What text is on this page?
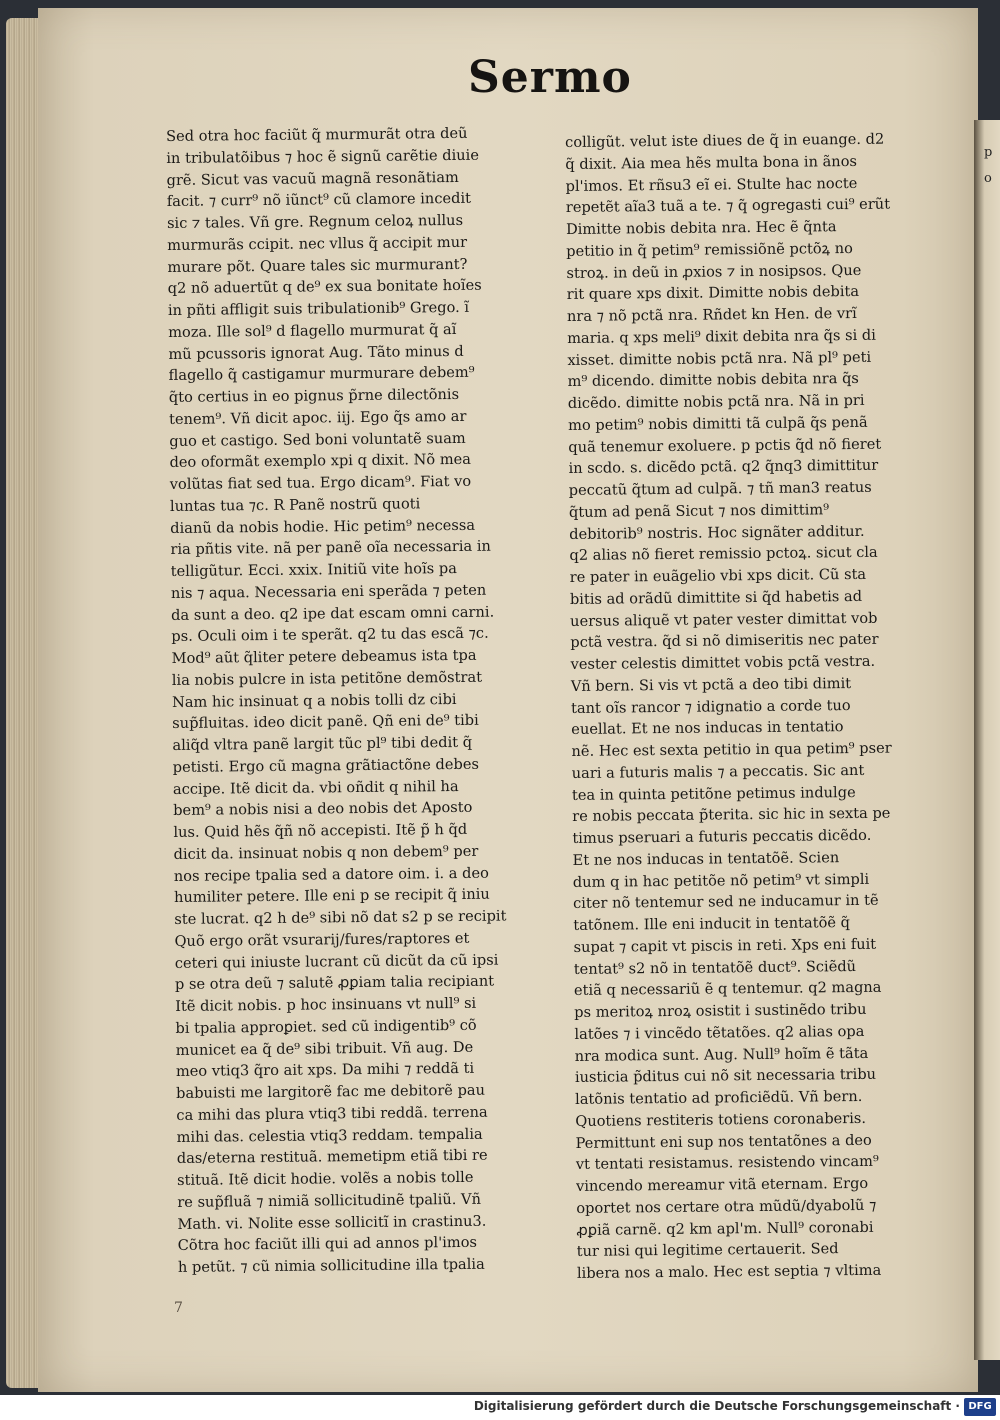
Sermo
p o
Sed otra hoc faciũt q̃ murmurãt otra deũ
in tribulatõibus ⁊ hoc ẽ signũ carẽtie diuie
grẽ. Sicut vas vacuũ magnã resonãtiam
facit. ⁊ curr⁹ nõ iũnct⁹ cũ clamore incedit
sic ⁊ tales. Vñ gre. Regnum celoꝝ nullus
murmurãs ccipit. nec vllus q̃ accipit mur
murare põt. Quare tales sic murmurant?
q2 nõ aduertũt q de⁹ ex sua bonitate hoĩes
in pñti affligit suis tribulationib⁹ Grego. ĩ
moza. Ille sol⁹ d flagello murmurat q̃ aĩ
mũ pcussoris ignorat Aug. Tãto minus d
flagello q̃ castigamur murmurare debem⁹
q̃to certius in eo pignus p̃rne dilectõnis
tenem⁹. Vñ dicit apoc. iij. Ego q̃s amo ar
guo et castigo. Sed boni voluntatẽ suam
deo oformãt exemplo xpi q dixit. Nõ mea
volũtas fiat sed tua. Ergo dicam⁹. Fiat vo
luntas tua ⁊c. R Panẽ nostrũ quoti
dianũ da nobis hodie. Hic petim⁹ necessa
ria pñtis vite. nã per panẽ oĩa necessaria in
telligũtur. Ecci. xxix. Initiũ vite hoĩs pa
nis ⁊ aqua. Necessaria eni sperãda ⁊ peten
da sunt a deo. q2 ipe dat escam omni carni.
ps. Oculi oim i te sperãt. q2 tu das escã ⁊c.
Mod⁹ aũt q̃liter petere debeamus ista tpa
lia nobis pulcre in ista petitõne demõstrat
Nam hic insinuat q a nobis tolli dz cibi
sup̃fluitas. ideo dicit panẽ. Qñ eni de⁹ tibi
aliq̃d vltra panẽ largit tũc pl⁹ tibi dedit q̃
petisti. Ergo cũ magna grãtiactõne debes
accipe. Itẽ dicit da. vbi oñdit q nihil ha
bem⁹ a nobis nisi a deo nobis det Aposto
lus. Quid hẽs q̃ñ nõ accepisti. Itẽ p̃ h q̃d
dicit da. insinuat nobis q non debem⁹ per
nos recipe tpalia sed a datore oim. i. a deo
humiliter petere. Ille eni p se recipit q̃ iniu
ste lucrat. q2 h de⁹ sibi nõ dat s2 p se recipit
Quõ ergo orãt vsurarij/fures/raptores et
ceteri qui iniuste lucrant cũ dicũt da cũ ipsi
p se otra deũ ⁊ salutẽ ꝓꝑiam talia recipiant
Itẽ dicit nobis. p hoc insinuans vt null⁹ si
bi tpalia approꝑiet. sed cũ indigentib⁹ cõ
municet ea q̃ de⁹ sibi tribuit. Vñ aug. De
meo vtiq3 q̃ro ait xps. Da mihi ⁊ reddã ti
babuisti me largitorẽ fac me debitorẽ pau
ca mihi das plura vtiq3 tibi reddã. terrena
mihi das. celestia vtiq3 reddam. tempalia
das/eterna restituã. memetipm etiã tibi re
stituã. Itẽ dicit hodie. volẽs a nobis tolle
re sup̃fluã ⁊ nimiã sollicitudinẽ tpaliũ. Vñ
Math. vi. Nolite esse sollicitĩ in crastinu3.
Cõtra hoc faciũt illi qui ad annos pl'imos
h petũt. ⁊ cũ nimia sollicitudine illa tpalia
colligũt. velut iste diues de q̃ in euange. d2
q̃ dixit. Aia mea hẽs multa bona in ãnos
pl'imos. Et rñsu3 eĩ ei. Stulte hac nocte
repetẽt aĩa3 tuã a te. ⁊ q̃ ogregasti cui⁹ erũt
Dimitte nobis debita nra. Hec ẽ q̃nta
petitio in q̃ petim⁹ remissiõnẽ pctõꝝ no
stroꝝ. in deũ in ꝓxios ⁊ in nosipsos. Que
rit quare xps dixit. Dimitte nobis debita
nra ⁊ nõ pctã nra. Rñdet kn Hen. de vrĩ
maria. q xps meli⁹ dixit debita nra q̃s si di
xisset. dimitte nobis pctã nra. Nã pl⁹ peti
m⁹ dicendo. dimitte nobis debita nra q̃s
dicẽdo. dimitte nobis pctã nra. Nã in pri
mo petim⁹ nobis dimitti tã culpã q̃s penã
quã tenemur exoluere. p pctis q̃d nõ fieret
in scdo. s. dicẽdo pctã. q2 q̃nq3 dimittitur
peccatũ q̃tum ad culpã. ⁊ tñ man3 reatus
q̃tum ad penã Sicut ⁊ nos dimittim⁹
debitorib⁹ nostris. Hoc signãter additur.
q2 alias nõ fieret remissio pctoꝝ. sicut cla
re pater in euãgelio vbi xps dicit. Cũ sta
bitis ad orãdũ dimittite si q̃d habetis ad
uersus aliquẽ vt pater vester dimittat vob
pctã vestra. q̃d si nõ dimiseritis nec pater
vester celestis dimittet vobis pctã vestra.
Vñ bern. Si vis vt pctã a deo tibi dimit
tant oĩs rancor ⁊ idignatio a corde tuo
euellat. Et ne nos inducas in tentatio
nẽ. Hec est sexta petitio in qua petim⁹ pser
uari a futuris malis ⁊ a peccatis. Sic ant
tea in quinta petitõne petimus indulge
re nobis peccata p̃terita. sic hic in sexta pe
timus pseruari a futuris peccatis dicẽdo.
Et ne nos inducas in tentatõẽ. Scien
dum q in hac petitõe nõ petim⁹ vt simpli
citer nõ tentemur sed ne inducamur in tẽ
tatõnem. Ille eni inducit in tentatõẽ q̃
supat ⁊ capit vt piscis in reti. Xps eni fuit
tentat⁹ s2 nõ in tentatõẽ duct⁹. Sciẽdũ
etiã q necessariũ ẽ q tentemur. q2 magna
ps meritoꝝ nroꝝ osistit i sustinẽdo tribu
latões ⁊ i vincẽdo tẽtatões. q2 alias opa
nra modica sunt. Aug. Null⁹ hoĩm ẽ tãta
iusticia p̃ditus cui nõ sit necessaria tribu
latõnis tentatio ad proficiẽdũ. Vñ bern.
Quotiens restiteris totiens coronaberis.
Permittunt eni sup nos tentatõnes a deo
vt tentati resistamus. resistendo vincam⁹
vincendo mereamur vitã eternam. Ergo
oportet nos certare otra mũdũ/dyabolũ ⁊
ꝓꝑiã carnẽ. q2 km apl'm. Null⁹ coronabi
tur nisi qui legitime certauerit. Sed
libera nos a malo. Hec est septia ⁊ vltima
7
Digitalisierung gefördert durch die Deutsche Forschungsgemeinschaft · DFG
